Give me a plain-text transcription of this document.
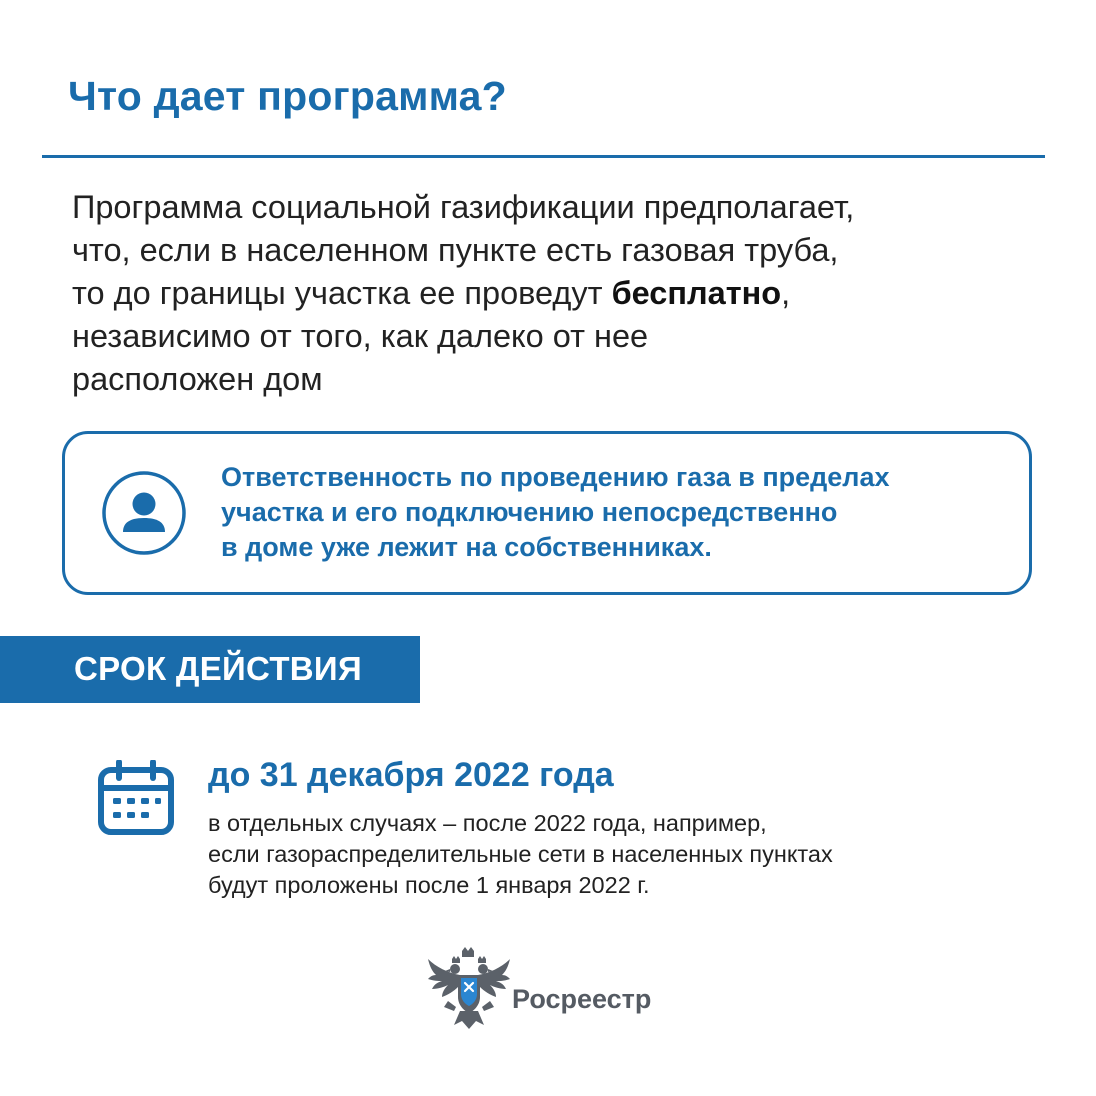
Что дает программа?

Программа социальной газификации предполагает,
что, если в населенном пункте есть газовая труба,
то до границы участка ее проведут бесплатно,
независимо от того, как далеко от нее
расположен дом

Ответственность по проведению газа в пределах
участка и его подключению непосредственно
в доме уже лежит на собственниках.

СРОК ДЕЙСТВИЯ
до 31 декабря 2022 года

в отдельных случаях – после 2022 года, например,
если газораспределительные сети в населенных пунктах
будут проложены после 1 января 2022 г.

Росреестр
